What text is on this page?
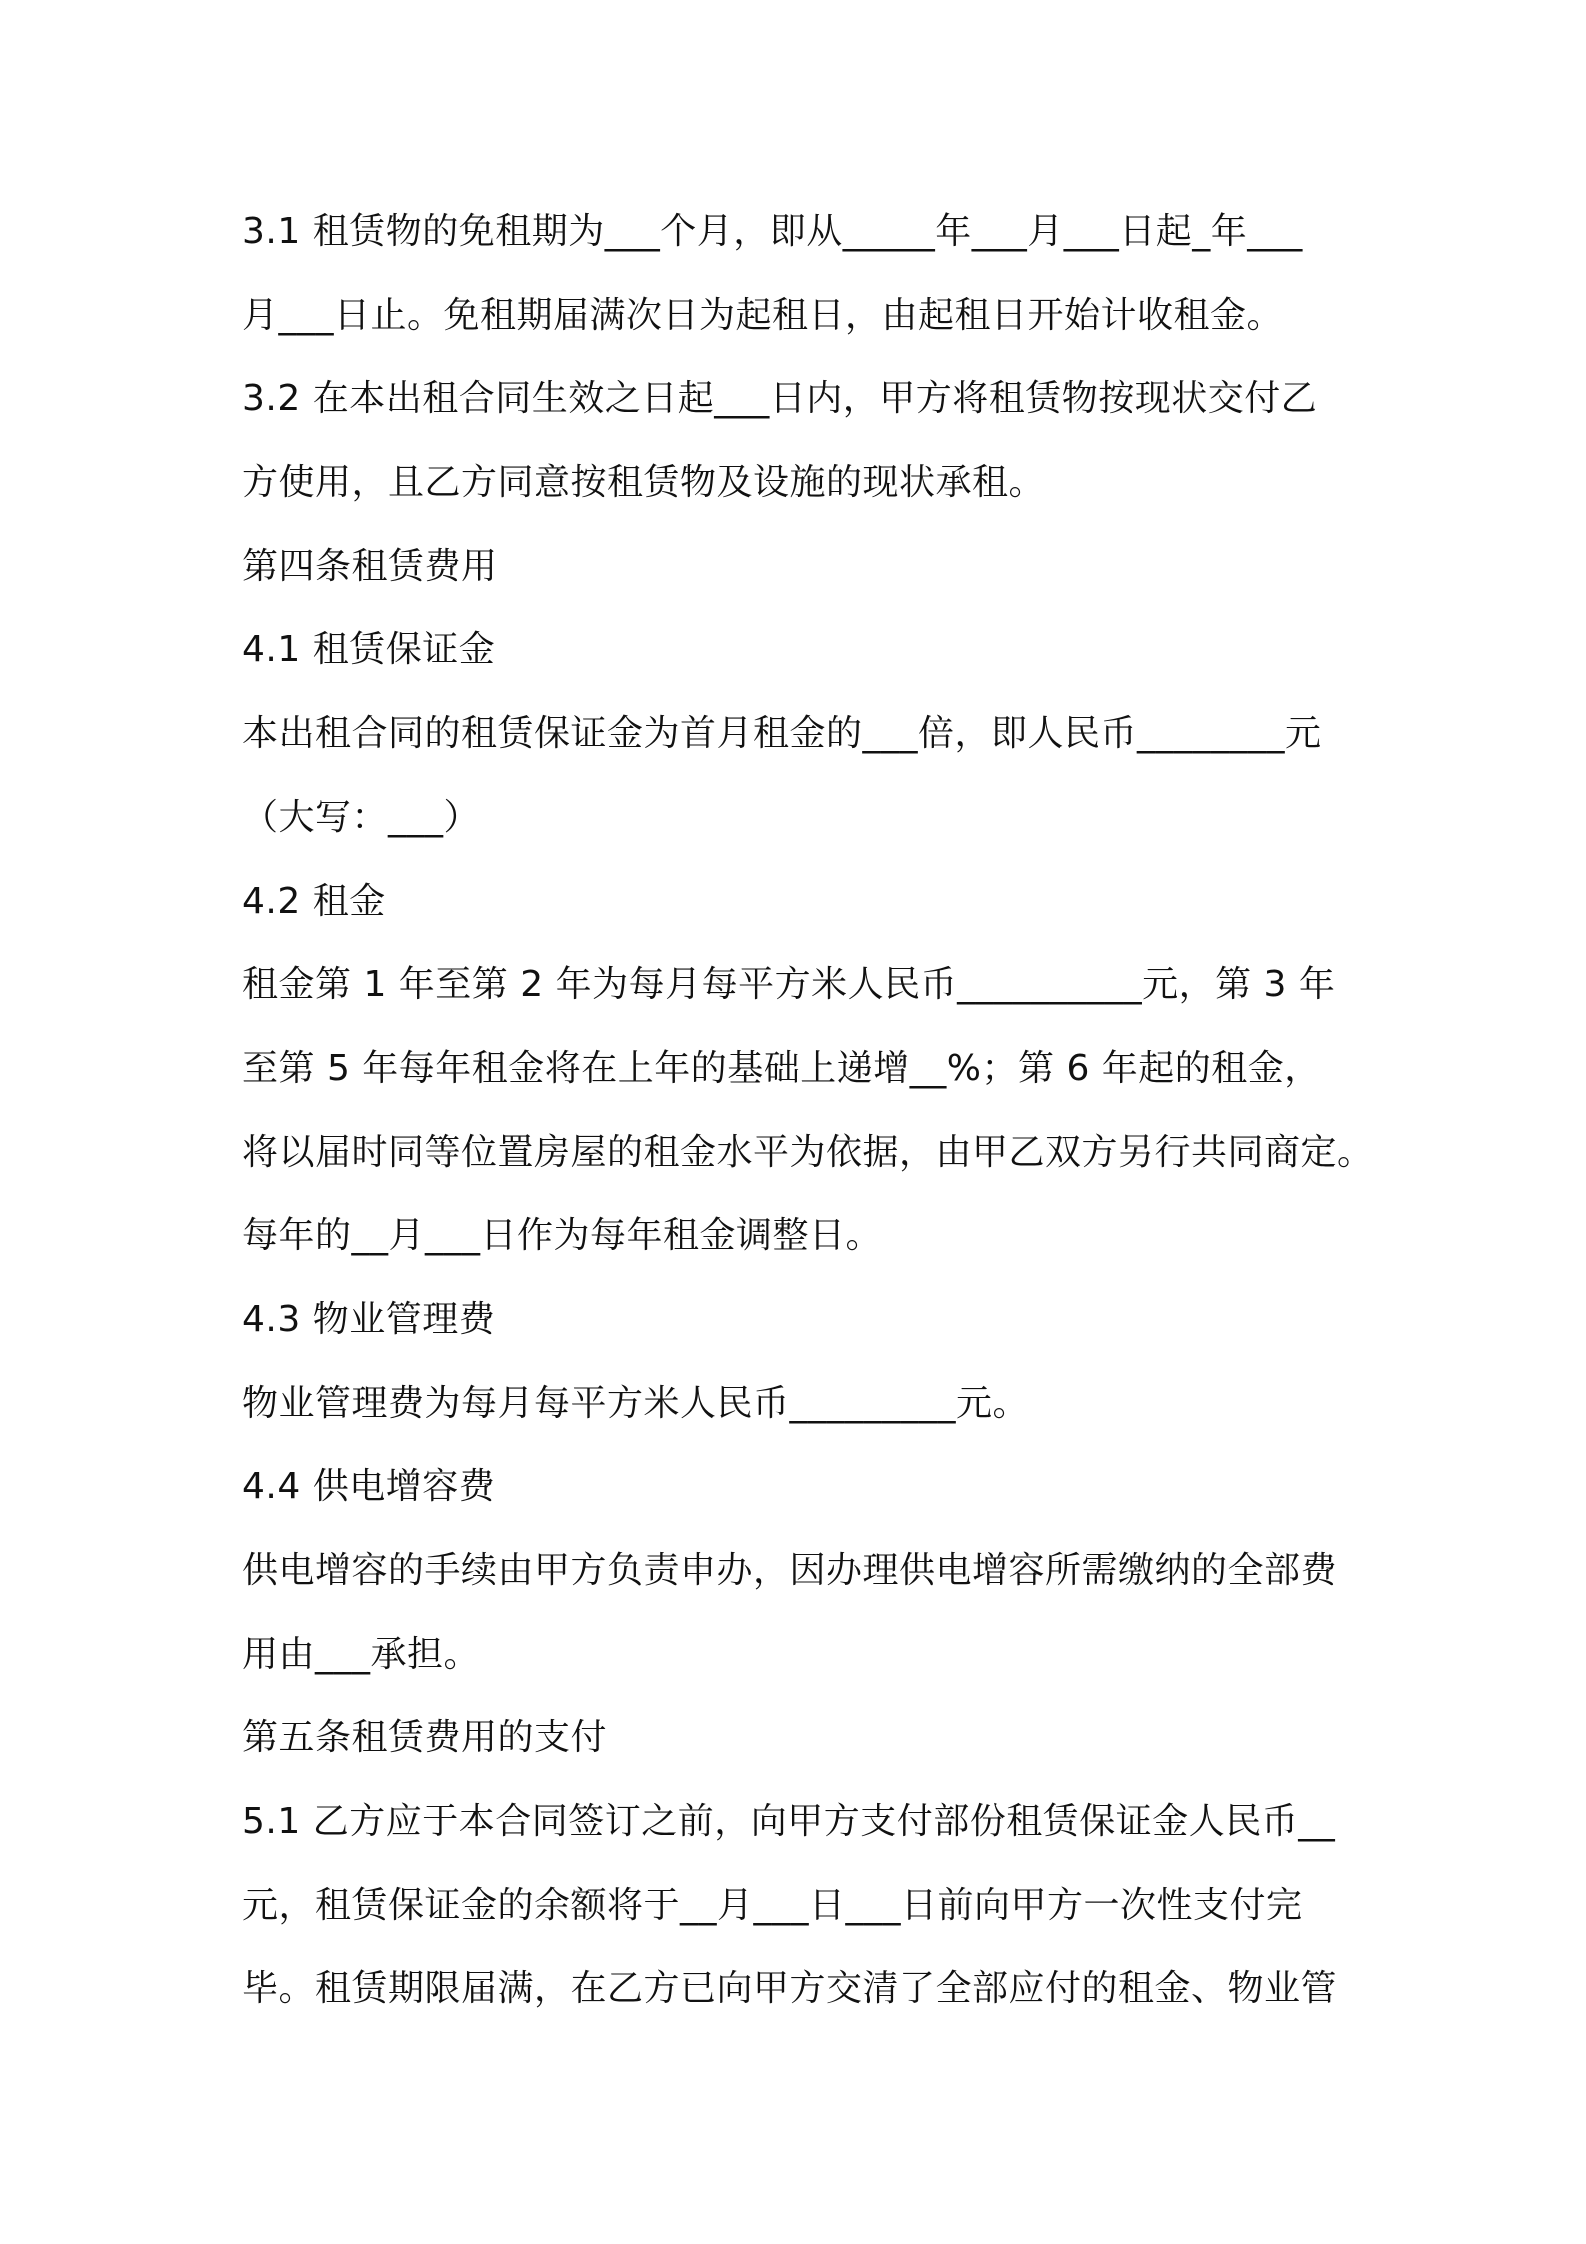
3.1 租赁物的免租期为___个月，即从_____年___月___日起_年___
月___日止。免租期届满次日为起租日，由起租日开始计收租金。
3.2 在本出租合同生效之日起___日内，甲方将租赁物按现状交付乙
方使用，且乙方同意按租赁物及设施的现状承租。
第四条租赁费用
4.1 租赁保证金
本出租合同的租赁保证金为首月租金的___倍，即人民币________元
（大写：___）
4.2 租金
租金第 1 年至第 2 年为每月每平方米人民币__________元，第 3 年
至第 5 年每年租金将在上年的基础上递增__%；第 6 年起的租金，
将以届时同等位置房屋的租金水平为依据，由甲乙双方另行共同商定。
每年的__月___日作为每年租金调整日。
4.3 物业管理费
物业管理费为每月每平方米人民币_________元。
4.4 供电增容费
供电增容的手续由甲方负责申办，因办理供电增容所需缴纳的全部费
用由___承担。
第五条租赁费用的支付
5.1 乙方应于本合同签订之前，向甲方支付部份租赁保证金人民币__
元，租赁保证金的余额将于__月___日___日前向甲方一次性支付完
毕。租赁期限届满，在乙方已向甲方交清了全部应付的租金、物业管
